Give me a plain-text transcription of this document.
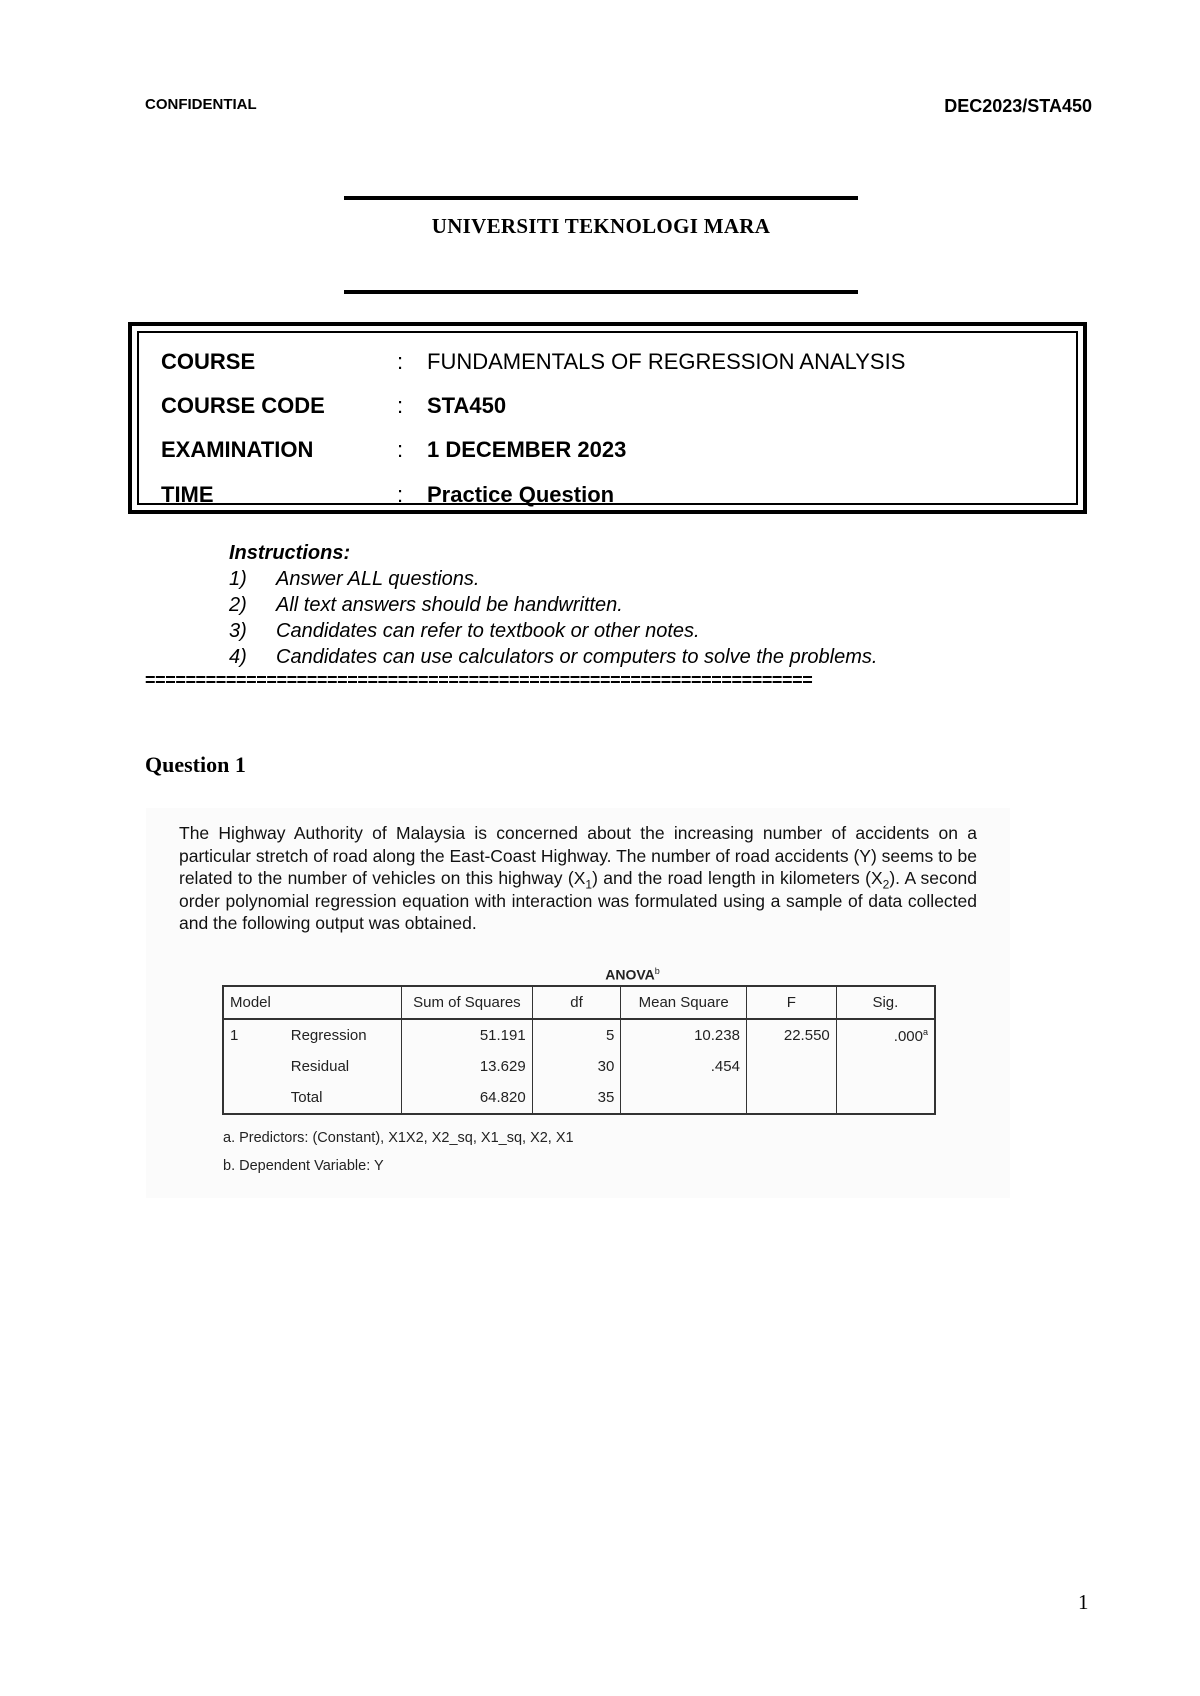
CONFIDENTIAL	DEC2023/STA450
UNIVERSITI TEKNOLOGI MARA
COURSE	: FUNDAMENTALS OF REGRESSION ANALYSIS
COURSE CODE	: STA450
EXAMINATION	: 1 DECEMBER 2023
TIME	: Practice Question
Instructions:
1) Answer ALL questions.
2) All text answers should be handwritten.
3) Candidates can refer to textbook or other notes.
4) Candidates can use calculators or computers to solve the problems.
==================================================================
Question 1
The Highway Authority of Malaysia is concerned about the increasing number of accidents on a particular stretch of road along the East-Coast Highway. The number of road accidents (Y) seems to be related to the number of vehicles on this highway $(X_1)$ and the road length in kilometers $(X_2)$. A second order polynomial regression equation with interaction was formulated using a sample of data collected and the following output was obtained.
ANOVA$^b$
Model		Sum of Squares	df	Mean Square	F	Sig.
1	Regression	51.191	5	10.238	22.550	.000$^a$
	Residual	13.629	30	.454		
	Total	64.820	35			
a. Predictors: (Constant), X1X2, X2_sq, X1_sq, X2, X1
b. Dependent Variable: Y
1
